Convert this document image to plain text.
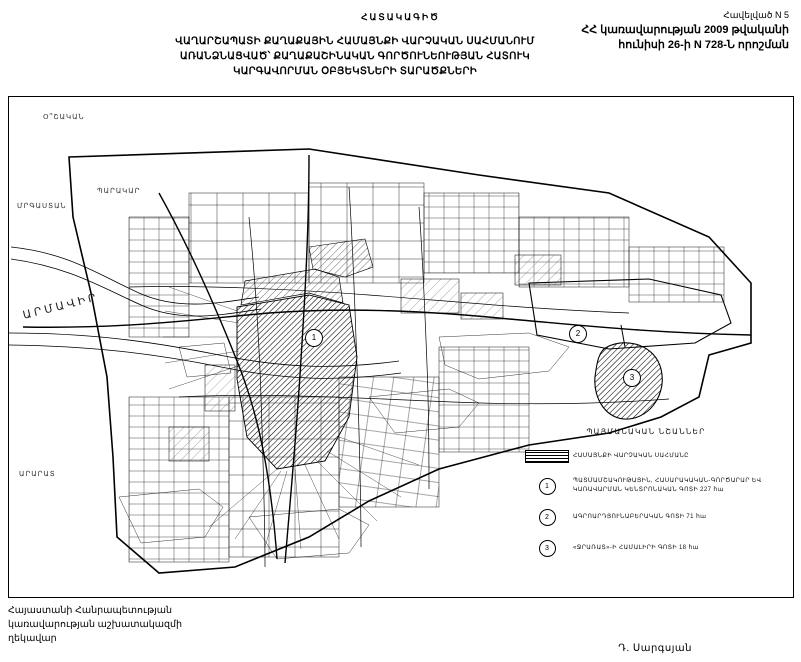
ՀԱՏԱԿԱԳԻԾ
ՎԱՂԱՐՇԱՊԱՏԻ ՔԱՂԱՔԱՅԻՆ ՀԱՄԱՅՆՔԻ ՎԱՐՉԱԿԱՆ ՍԱՀՄԱՆՈՒՄ
ԱՌԱՆՁՆԱՑՎԱԾ՝ ՔԱՂԱՔԱՇԻՆԱԿԱՆ ԳՈՐԾՈՒՆԵՈՒԹՅԱՆ ՀԱՏՈՒԿ
ԿԱՐԳԱՎՈՐՄԱՆ ՕԲՅԵԿՏՆԵՐԻ ՏԱՐԱԾՔՆԵՐԻ
Հավելված N 5
ՀՀ կառավարության 2009 թվականի
հունիսի 26-ի N 728-Ն որոշման
Օ՞ՇԱԿԱՆ
ՄՐԳԱՍՏԱՆ
ՊԱՐԱԿԱՐ
ԱՐԱՐԱՏ
ԱՐՄԱՎԻՐ
1	2
3
ՊԱՅՄԱՆԱԿԱՆ ՆՇԱՆՆԵՐ
ՀԱՄԱՅՆՔԻ ՎԱՐՉԱԿԱՆ ՍԱՀՄԱՆԸ
1
ՊԱՏՄԱՄՇԱԿՈՒԹԱՅԻՆ, ՀԱՍԱՐԱԿԱԿԱՆ-ԳՈՐԾԱՐԱՐ ԵՎ ԿԱՌԱՎԱՐՄԱՆ ԿԵՆՏՐՈՆԱԿԱՆ ԳՈՏԻ 227 հա
2	ԱԳՐՈԱՐԴՅՈՒՆԱԲԵՐԱԿԱՆ ԳՈՏԻ 71 հա
3	«ՋՐԱՌԱՏ»-Ի ՀԱՄԱԼԻՐԻ ԳՈՏԻ 18 հա
Հայաստանի Հանրապետության
կառավարության աշխատակազմի
ղեկավար
Դ. Սարգսյան
